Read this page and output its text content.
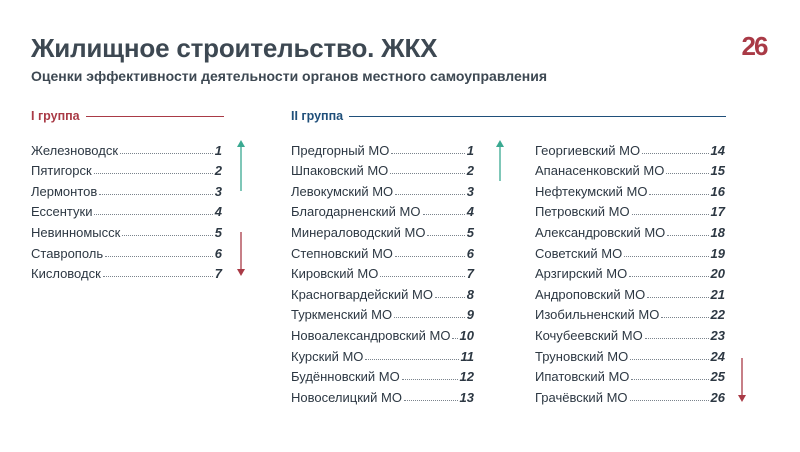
Жилищное строительство. ЖКХ
Оценки эффективности деятельности органов местного самоуправления
26
I группа	II группа
Железноводск	1
Пятигорск	2
Лермонтов	3
Ессентуки	4
Невинномысск	5
Ставрополь	6
Кисловодск	7
Предгорный МО	1
Шпаковский МО	2
Левокумский МО	3
Благодарненский МО	4
Минераловодский МО	5
Степновский МО	6
Кировский МО	7
Красногвардейский МО	8
Туркменский МО	9
Новоалександровский МО 10
Курский МО	11
Будённовский МО	12
Новоселицкий МО	13
Георгиевский МО	14
Апанасенковский МО	15
Нефтекумский МО	16
Петровский МО	17
Александровский МО	18
Советский МО	19
Арзгирский МО	20
Андроповский МО	21
Изобильненский МО	22
Кочубеевский МО	23
Труновский МО	24
Ипатовский МО	25
Грачёвский МО	26
